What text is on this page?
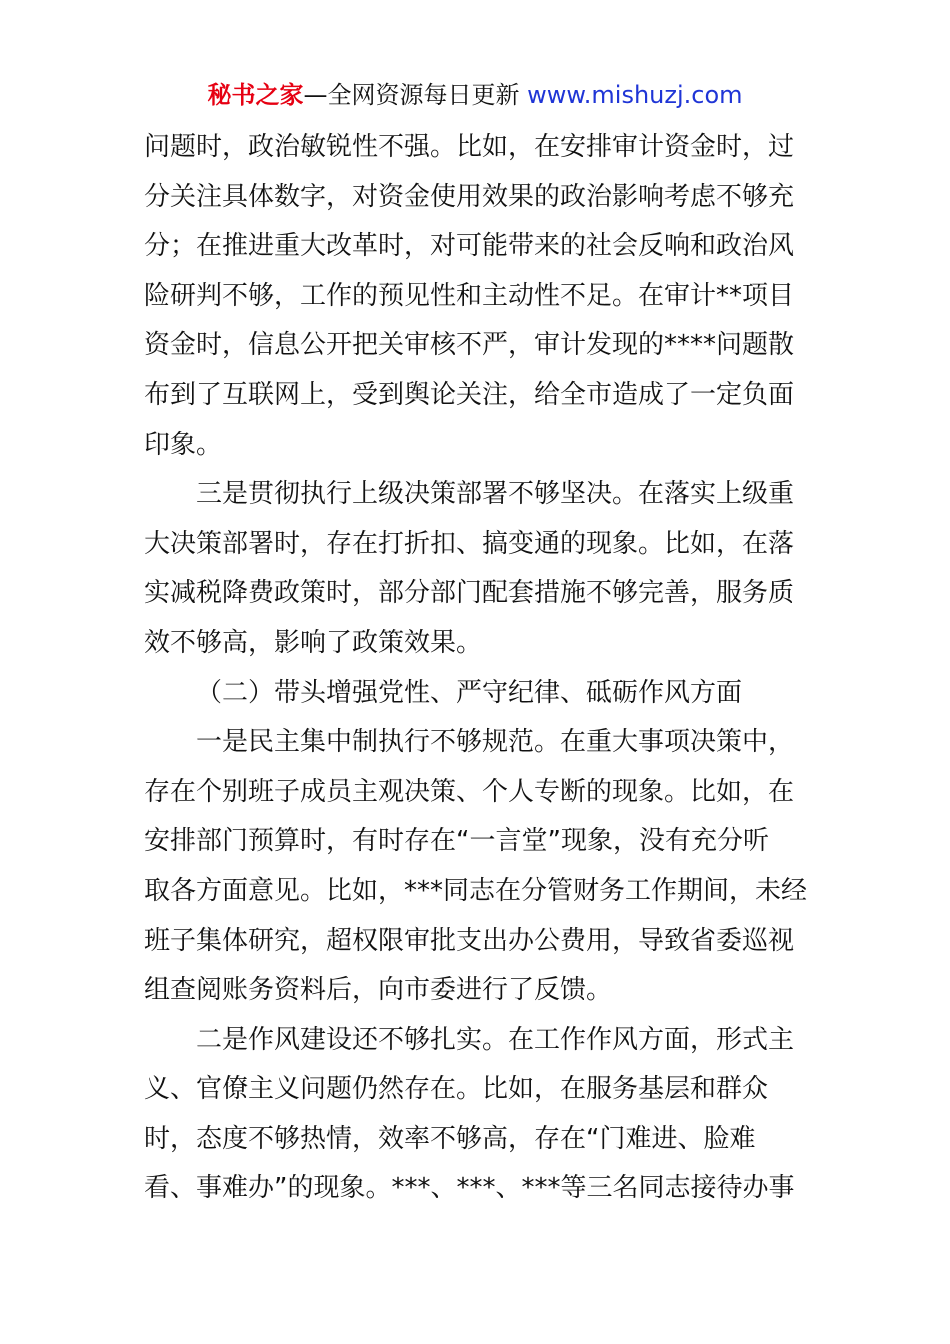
秘书之家—全网资源每日更新 www.mishuzj.com
问题时，政治敏锐性不强。比如，在安排审计资金时，过
分关注具体数字，对资金使用效果的政治影响考虑不够充
分；在推进重大改革时，对可能带来的社会反响和政治风
险研判不够，工作的预见性和主动性不足。在审计**项目
资金时，信息公开把关审核不严，审计发现的****问题散
布到了互联网上，受到舆论关注，给全市造成了一定负面
印象。
三是贯彻执行上级决策部署不够坚决。在落实上级重
大决策部署时，存在打折扣、搞变通的现象。比如，在落
实减税降费政策时，部分部门配套措施不够完善，服务质
效不够高，影响了政策效果。
（二）带头增强党性、严守纪律、砥砺作风方面
一是民主集中制执行不够规范。在重大事项决策中，
存在个别班子成员主观决策、个人专断的现象。比如，在
安排部门预算时，有时存在“一言堂”现象，没有充分听
取各方面意见。比如，***同志在分管财务工作期间，未经
班子集体研究，超权限审批支出办公费用，导致省委巡视
组查阅账务资料后，向市委进行了反馈。
二是作风建设还不够扎实。在工作作风方面，形式主
义、官僚主义问题仍然存在。比如，在服务基层和群众
时，态度不够热情，效率不够高，存在“门难进、脸难
看、事难办”的现象。***、***、***等三名同志接待办事
